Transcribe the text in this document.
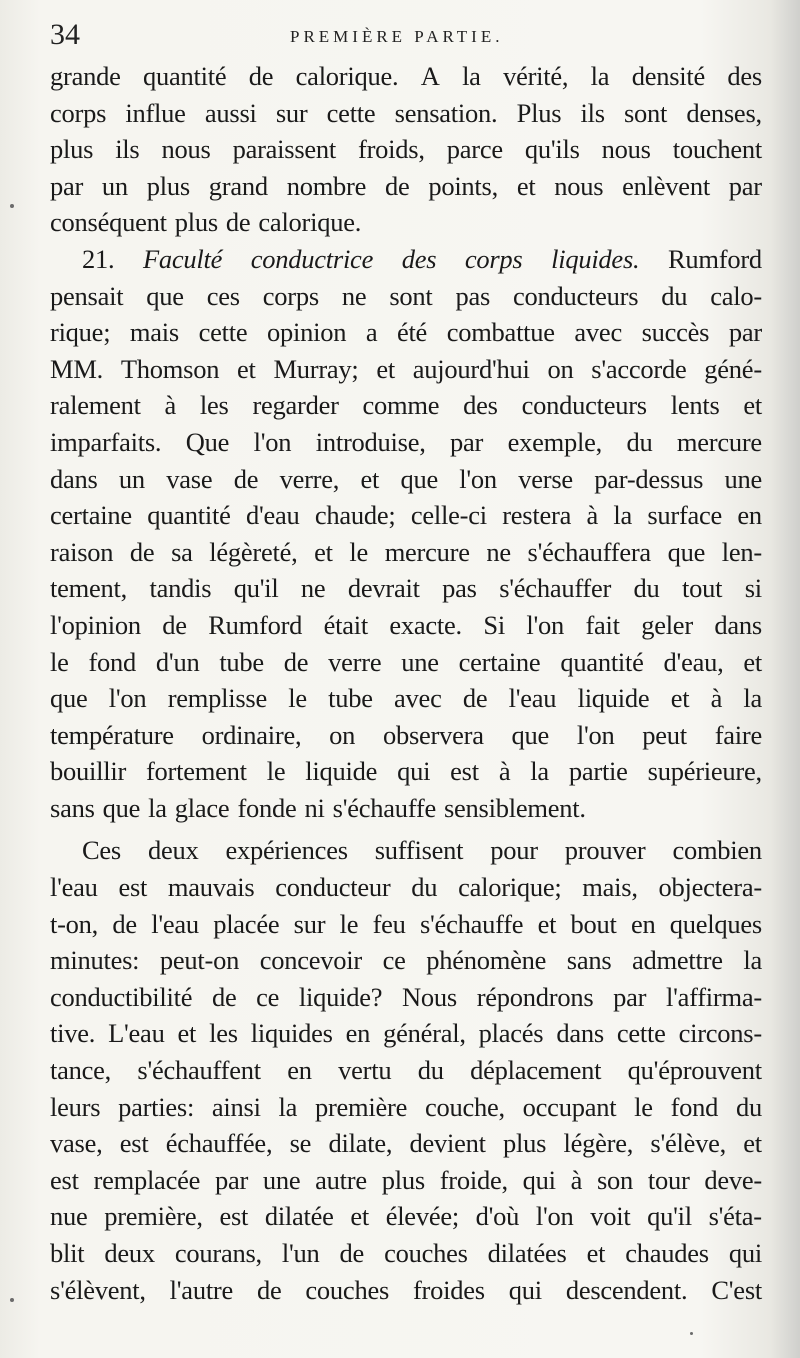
34	PREMIÈRE PARTIE.
grande quantité de calorique. A la vérité, la densité des
corps influe aussi sur cette sensation. Plus ils sont denses,
plus ils nous paraissent froids, parce qu'ils nous touchent
par un plus grand nombre de points, et nous enlèvent par
conséquent plus de calorique.
21. Faculté conductrice des corps liquides. Rumford
pensait que ces corps ne sont pas conducteurs du calo-
rique; mais cette opinion a été combattue avec succès par
MM. Thomson et Murray; et aujourd'hui on s'accorde géné-
ralement à les regarder comme des conducteurs lents et
imparfaits. Que l'on introduise, par exemple, du mercure
dans un vase de verre, et que l'on verse par-dessus une
certaine quantité d'eau chaude; celle-ci restera à la surface en
raison de sa légèreté, et le mercure ne s'échauffera que len-
tement, tandis qu'il ne devrait pas s'échauffer du tout si
l'opinion de Rumford était exacte. Si l'on fait geler dans
le fond d'un tube de verre une certaine quantité d'eau, et
que l'on remplisse le tube avec de l'eau liquide et à la
température ordinaire, on observera que l'on peut faire
bouillir fortement le liquide qui est à la partie supérieure,
sans que la glace fonde ni s'échauffe sensiblement.
Ces deux expériences suffisent pour prouver combien
l'eau est mauvais conducteur du calorique; mais, objectera-
t-on, de l'eau placée sur le feu s'échauffe et bout en quelques
minutes: peut-on concevoir ce phénomène sans admettre la
conductibilité de ce liquide? Nous répondrons par l'affirma-
tive. L'eau et les liquides en général, placés dans cette circons-
tance, s'échauffent en vertu du déplacement qu'éprouvent
leurs parties: ainsi la première couche, occupant le fond du
vase, est échauffée, se dilate, devient plus légère, s'élève, et
est remplacée par une autre plus froide, qui à son tour deve-
nue première, est dilatée et élevée; d'où l'on voit qu'il s'éta-
blit deux courans, l'un de couches dilatées et chaudes qui
s'élèvent, l'autre de couches froides qui descendent. C'est
